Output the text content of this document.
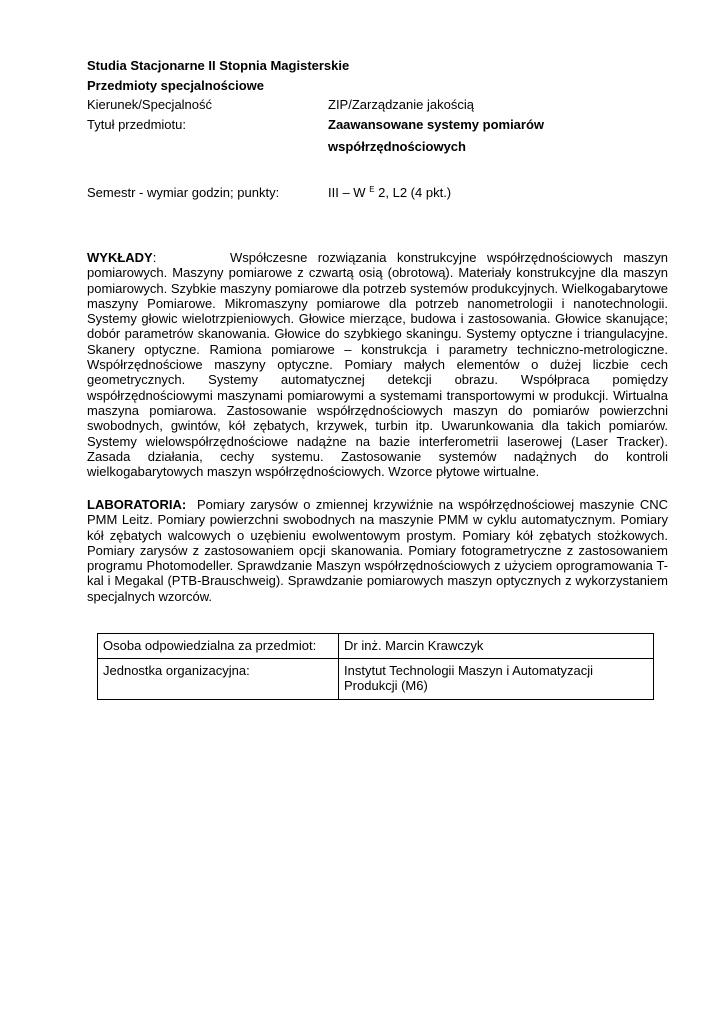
Studia Stacjonarne II Stopnia Magisterskie
Przedmioty specjalnościowe
Kierunek/Specjalność	ZIP/Zarządzanie jakością
Tytuł przedmiotu:	Zaawansowane systemy pomiarów
współrzędnościowych
Semestr - wymiar godzin; punkty:	III – W $^E$ 2, L2 (4 pkt.)
WYKŁADY:	Współczesne rozwiązania konstrukcyjne współrzędnościowych maszyn pomiarowych. Maszyny pomiarowe z czwartą osią (obrotową). Materiały konstrukcyjne dla maszyn pomiarowych. Szybkie maszyny pomiarowe dla potrzeb systemów produkcyjnych. Wielkogabarytowe maszyny Pomiarowe. Mikromaszyny pomiarowe dla potrzeb nanometrologii i nanotechnologii. Systemy głowic wielotrzpieniowych. Głowice mierzące, budowa i zastosowania. Głowice skanujące; dobór parametrów skanowania. Głowice do szybkiego skaningu. Systemy optyczne i triangulacyjne. Skanery optyczne. Ramiona pomiarowe – konstrukcja i parametry techniczno-metrologiczne. Współrzędnościowe maszyny optyczne. Pomiary małych elementów o dużej liczbie cech geometrycznych. Systemy automatycznej detekcji obrazu. Współpraca pomiędzy współrzędnościowymi maszynami pomiarowymi a systemami transportowymi w produkcji. Wirtualna maszyna pomiarowa. Zastosowanie współrzędnościowych maszyn do pomiarów powierzchni swobodnych, gwintów, kół zębatych, krzywek, turbin itp. Uwarunkowania dla takich pomiarów. Systemy wielowspółrzędnościowe nadążne na bazie interferometrii laserowej (Laser Tracker). Zasada działania, cechy systemu. Zastosowanie systemów nadążnych do kontroli wielkogabarytowych maszyn współrzędnościowych. Wzorce płytowe wirtualne.
LABORATORIA: Pomiary zarysów o zmiennej krzywiźnie na współrzędnościowej maszynie CNC PMM Leitz. Pomiary powierzchni swobodnych na maszynie PMM w cyklu automatycznym. Pomiary kół zębatych walcowych o uzębieniu ewolwentowym prostym. Pomiary kół zębatych stożkowych. Pomiary zarysów z zastosowaniem opcji skanowania. Pomiary fotogrametryczne z zastosowaniem programu Photomodeller. Sprawdzanie Maszyn współrzędnościowych z użyciem oprogramowania T-kal i Megakal (PTB-Brauschweig). Sprawdzanie pomiarowych maszyn optycznych z wykorzystaniem specjalnych wzorców.
Osoba odpowiedzialna za przedmiot:	Dr inż. Marcin Krawczyk
Jednostka organizacyjna:	Instytut Technologii Maszyn i Automatyzacji Produkcji (M6)
